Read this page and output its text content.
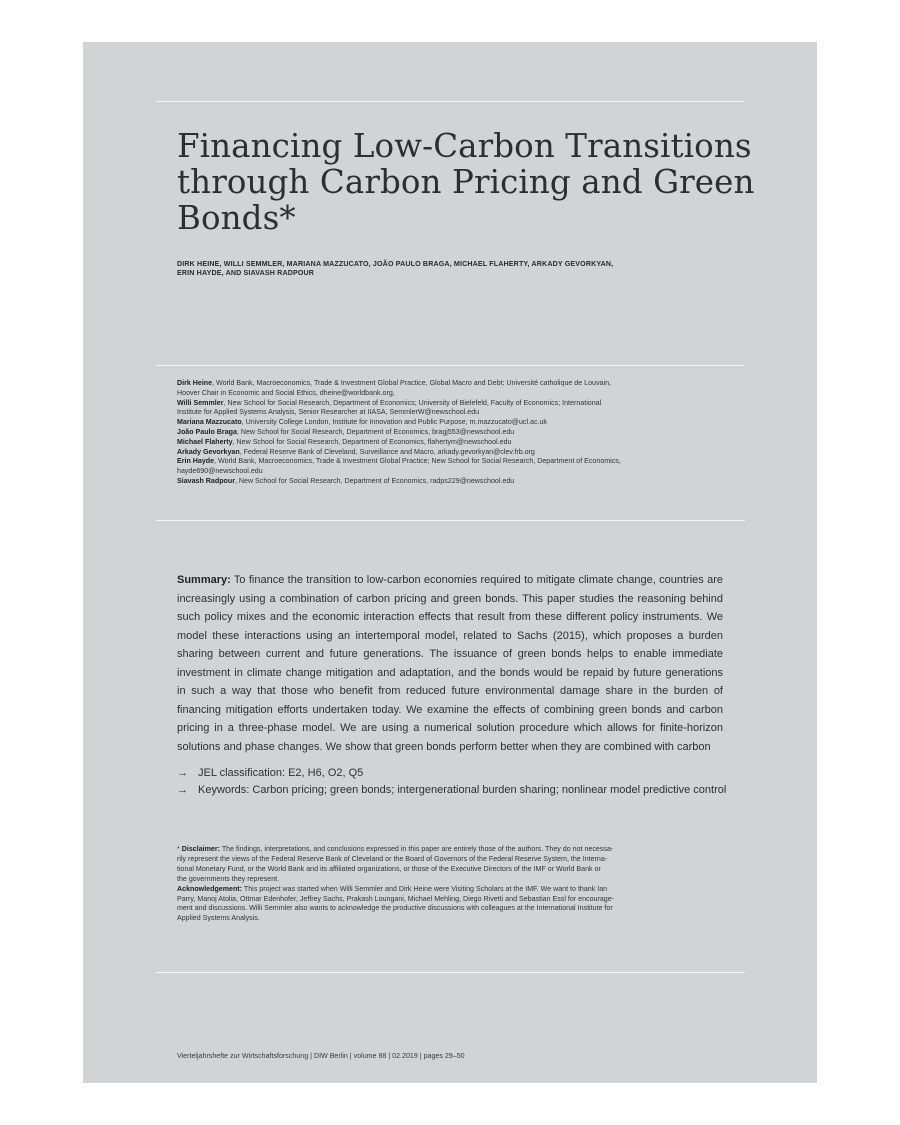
Financing Low-Carbon Transitions
through Carbon Pricing and Green
Bonds*
DIRK HEINE, WILLI SEMMLER, MARIANA MAZZUCATO, JOÃO PAULO BRAGA, MICHAEL FLAHERTY, ARKADY GEVORKYAN,
ERIN HAYDE, AND SIAVASH RADPOUR
Dirk Heine, World Bank, Macroeconomics, Trade & Investment Global Practice, Global Macro and Debt; Université catholique de Louvain,
Hoover Chair in Economic and Social Ethics, dheine@worldbank.org,
Willi Semmler, New School for Social Research, Department of Economics; University of Bielefeld, Faculty of Economics; International
Institute for Applied Systems Analysis, Senior Researcher at IIASA, SemmlerW@newschool.edu
Mariana Mazzucato, University College London, Institute for Innovation and Public Purpose, m.mazzucato@ucl.ac.uk
João Paulo Braga, New School for Social Research, Department of Economics, bragj553@newschool.edu
Michael Flaherty, New School for Social Research, Department of Economics, flahertym@newschool.edu
Arkady Gevorkyan, Federal Reserve Bank of Cleveland, Surveillance and Macro, arkady.gevorkyan@clev.frb.org
Erin Hayde, World Bank, Macroeconomics, Trade & Investment Global Practice; New School for Social Research, Department of Economics,
hayde690@newschool.edu
Siavash Radpour, New School for Social Research, Department of Economics, radps229@newschool.edu
Summary: To finance the transition to low-carbon economies required to mitigate climate change, countries are
increasingly using a combination of carbon pricing and green bonds. This paper studies the reasoning behind
such policy mixes and the economic interaction effects that result from these different policy instruments. We
model these interactions using an intertemporal model, related to Sachs (2015), which proposes a burden
sharing between current and future generations. The issuance of green bonds helps to enable immediate
investment in climate change mitigation and adaptation, and the bonds would be repaid by future generations
in such a way that those who benefit from reduced future environmental damage share in the burden of
financing mitigation efforts undertaken today. We examine the effects of combining green bonds and carbon
pricing in a three-phase model. We are using a numerical solution procedure which allows for finite-horizon
solutions and phase changes. We show that green bonds perform better when they are combined with carbon
→ JEL classification: E2, H6, O2, Q5
→ Keywords: Carbon pricing; green bonds; intergenerational burden sharing; nonlinear model predictive control
* Disclaimer: The findings, interpretations, and conclusions expressed in this paper are entirely those of the authors. They do not necessa-
rily represent the views of the Federal Reserve Bank of Cleveland or the Board of Governors of the Federal Reserve System, the Interna-
tional Monetary Fund, or the World Bank and its affiliated organizations, or those of the Executive Directors of the IMF or World Bank or
the governments they represent.
Acknowledgement: This project was started when Willi Semmler and Dirk Heine were Visiting Scholars at the IMF. We want to thank Ian
Parry, Manoj Atolia, Ottmar Edenhofer, Jeffrey Sachs, Prakash Loungani, Michael Mehling, Diego Rivetti and Sebastian Essl for encourage-
ment and discussions. Willi Semmler also wants to acknowledge the productive discussions with colleagues at the International Institute for
Applied Systems Analysis.
Vierteljahrshefte zur Wirtschaftsforschung | DIW Berlin | volume 88 | 02.2019 | pages 29–50
